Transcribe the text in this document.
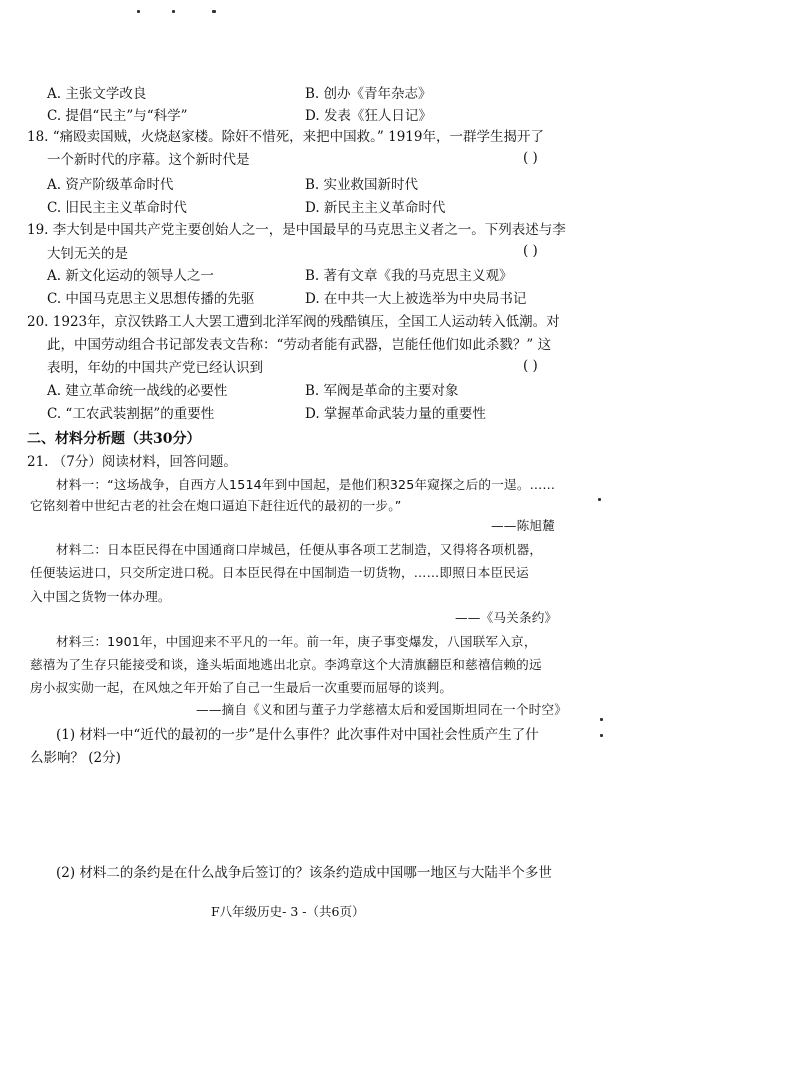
A. 主张文学改良	B. 创办《青年杂志》
C. 提倡“民主”与“科学”	D. 发表《狂人日记》
18. “痛殴卖国贼，火烧赵家楼。除奸不惜死，来把中国救。” 1919年，一群学生揭开了
一个新时代的序幕。这个新时代是	( )
A. 资产阶级革命时代	B. 实业救国新时代
C. 旧民主主义革命时代	D. 新民主主义革命时代
19. 李大钊是中国共产党主要创始人之一，是中国最早的马克思主义者之一。下列表述与李
大钊无关的是	( )
A. 新文化运动的领导人之一	B. 著有文章《我的马克思主义观》
C. 中国马克思主义思想传播的先驱	D. 在中共一大上被选举为中央局书记
20. 1923年，京汉铁路工人大罢工遭到北洋军阀的残酷镇压，全国工人运动转入低潮。对
此，中国劳动组合书记部发表文告称：“劳动者能有武器，岂能任他们如此杀戮？” 这
表明，年幼的中国共产党已经认识到	( )
A. 建立革命统一战线的必要性	B. 军阀是革命的主要对象
C. “工农武装割据”的重要性	D. 掌握革命武装力量的重要性
二、材料分析题（共30分）
21. （7分）阅读材料，回答问题。
材料一：“这场战争，自西方人1514年到中国起，是他们积325年窥探之后的一逞。……
它铭刻着中世纪古老的社会在炮口逼迫下赶往近代的最初的一步。”
——陈旭麓
材料二：日本臣民得在中国通商口岸城邑，任便从事各项工艺制造，又得将各项机器，
任便装运进口，只交所定进口税。日本臣民得在中国制造一切货物，……即照日本臣民运
入中国之货物一体办理。
——《马关条约》
材料三：1901年，中国迎来不平凡的一年。前一年，庚子事变爆发，八国联军入京，
慈禧为了生存只能接受和谈，逢头垢面地逃出北京。李鸿章这个大清旗翻臣和慈禧信赖的远
房小叔实勋一起，在风烛之年开始了自己一生最后一次重要而屈辱的谈判。
——摘自《义和团与董子力学慈禧太后和爱国斯坦同在一个时空》
(1) 材料一中“近代的最初的一步”是什么事件？此次事件对中国社会性质产生了什
么影响？ (2分)
(2) 材料二的条约是在什么战争后签订的？该条约造成中国哪一地区与大陆半个多世
F八年级历史- 3 -（共6页）
